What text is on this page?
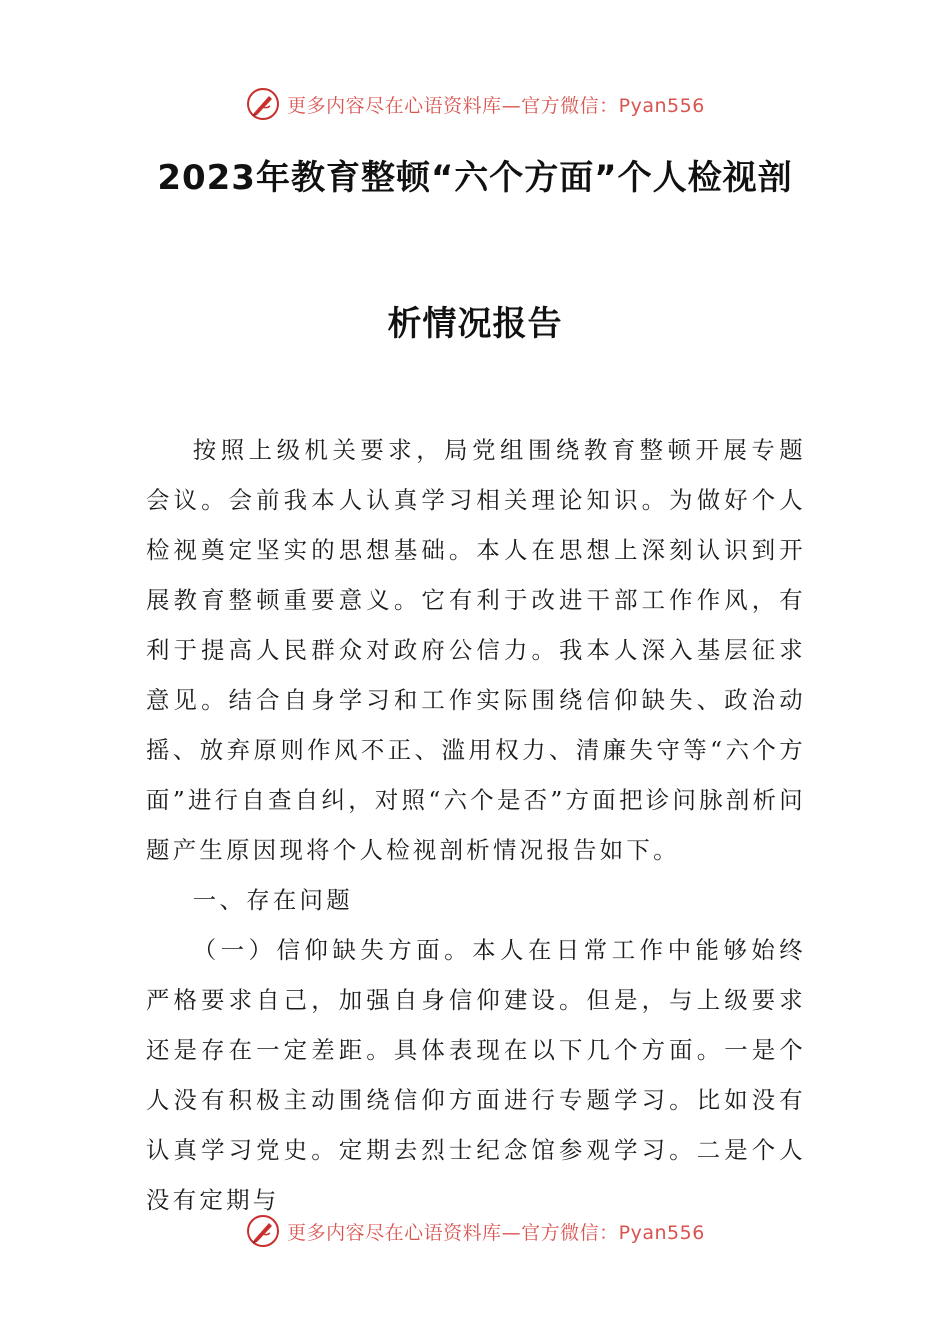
更多内容尽在心语资料库—官方微信：Pyan556
2023年教育整顿“六个方面”个人检视剖
析情况报告

按照上级机关要求，局党组围绕教育整顿开展专题会议。会前我本人认真学习相关理论知识。为做好个人检视奠定坚实的思想基础。本人在思想上深刻认识到开展教育整顿重要意义。它有利于改进干部工作作风，有利于提高人民群众对政府公信力。我本人深入基层征求意见。结合自身学习和工作实际围绕信仰缺失、政治动摇、放弃原则作风不正、滥用权力、清廉失守等“六个方面”进行自查自纠，对照“六个是否”方面把诊问脉剖析问题产生原因现将个人检视剖析情况报告如下。

一、存在问题

（一）信仰缺失方面。本人在日常工作中能够始终严格要求自己，加强自身信仰建设。但是，与上级要求还是存在一定差距。具体表现在以下几个方面。一是个人没有积极主动围绕信仰方面进行专题学习。比如没有认真学习党史。定期去烈士纪念馆参观学习。二是个人没有定期与

更多内容尽在心语资料库—官方微信：Pyan556
